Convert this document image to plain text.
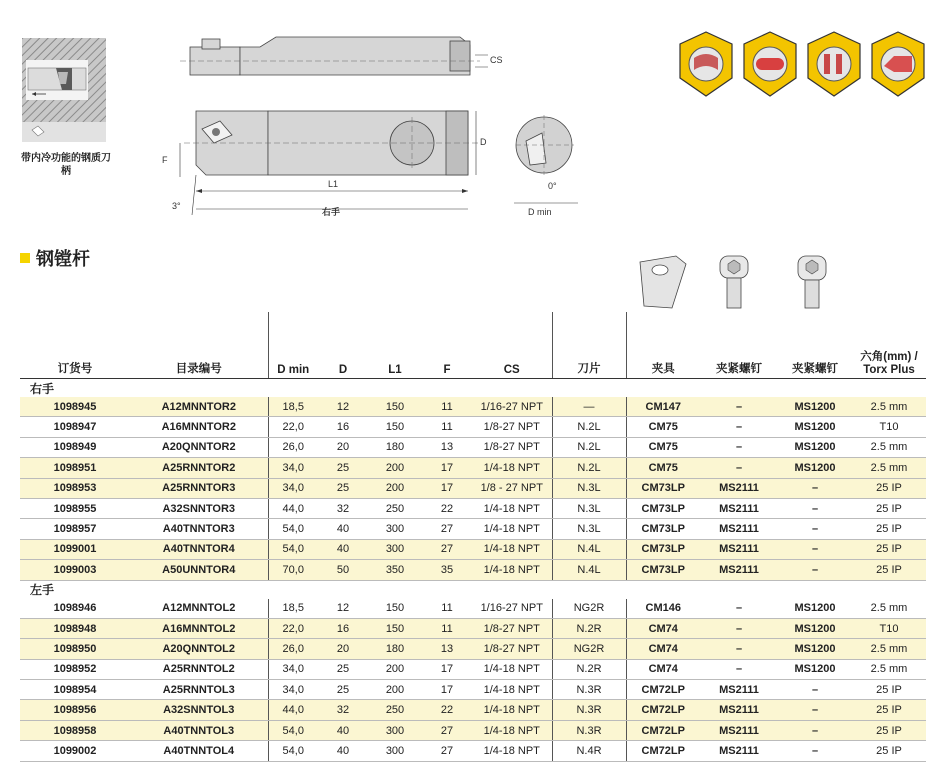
带内冷功能的钢质刀柄
CS
D
F
L1
3°
右手
0°
D min
钢镗杆
订货号	目录编号	D min	D	L1	F	CS	刀片	夹具	夹紧螺钉	夹紧螺钉	六角(mm) / Torx Plus
右手											
1098945	A12MNNTOR2	18,5	12	150	11	1/16-27 NPT	—	CM147	–	MS1200	2.5 mm
1098947	A16MNNTOR2	22,0	16	150	11	1/8-27 NPT	N.2L	CM75	–	MS1200	T10
1098949	A20QNNTOR2	26,0	20	180	13	1/8-27 NPT	N.2L	CM75	–	MS1200	2.5 mm
1098951	A25RNNTOR2	34,0	25	200	17	1/4-18 NPT	N.2L	CM75	–	MS1200	2.5 mm
1098953	A25RNNTOR3	34,0	25	200	17	1/8 - 27 NPT	N.3L	CM73LP	MS2111	–	25 IP
1098955	A32SNNTOR3	44,0	32	250	22	1/4-18 NPT	N.3L	CM73LP	MS2111	–	25 IP
1098957	A40TNNTOR3	54,0	40	300	27	1/4-18 NPT	N.3L	CM73LP	MS2111	–	25 IP
1099001	A40TNNTOR4	54,0	40	300	27	1/4-18 NPT	N.4L	CM73LP	MS2111	–	25 IP
1099003	A50UNNTOR4	70,0	50	350	35	1/4-18 NPT	N.4L	CM73LP	MS2111	–	25 IP
左手											
1098946	A12MNNTOL2	18,5	12	150	11	1/16-27 NPT	NG2R	CM146	–	MS1200	2.5 mm
1098948	A16MNNTOL2	22,0	16	150	11	1/8-27 NPT	N.2R	CM74	–	MS1200	T10
1098950	A20QNNTOL2	26,0	20	180	13	1/8-27 NPT	NG2R	CM74	–	MS1200	2.5 mm
1098952	A25RNNTOL2	34,0	25	200	17	1/4-18 NPT	N.2R	CM74	–	MS1200	2.5 mm
1098954	A25RNNTOL3	34,0	25	200	17	1/4-18 NPT	N.3R	CM72LP	MS2111	–	25 IP
1098956	A32SNNTOL3	44,0	32	250	22	1/4-18 NPT	N.3R	CM72LP	MS2111	–	25 IP
1098958	A40TNNTOL3	54,0	40	300	27	1/4-18 NPT	N.3R	CM72LP	MS2111	–	25 IP
1099002	A40TNNTOL4	54,0	40	300	27	1/4-18 NPT	N.4R	CM72LP	MS2111	–	25 IP
